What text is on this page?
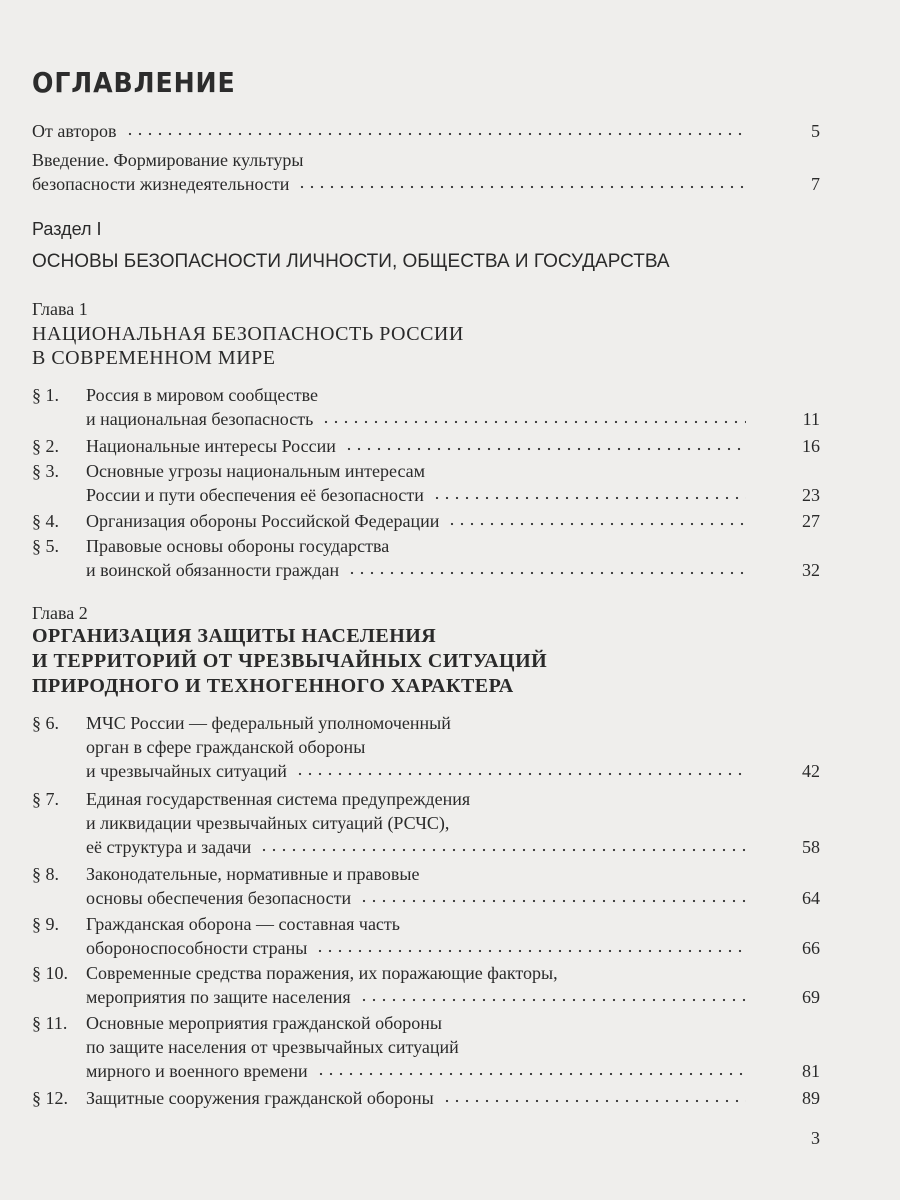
ОГЛАВЛЕНИЕ
От авторов	5
Введение. Формирование культуры
безопасности жизнедеятельности	7
Раздел I
ОСНОВЫ БЕЗОПАСНОСТИ ЛИЧНОСТИ, ОБЩЕСТВА И ГОСУДАРСТВА
Глава 1
НАЦИОНАЛЬНАЯ БЕЗОПАСНОСТЬ РОССИИ
В СОВРЕМЕННОМ МИРЕ
§ 1. Россия в мировом сообществе
и национальная безопасность	11
§ 2. Национальные интересы России	16
§ 3. Основные угрозы национальным интересам
России и пути обеспечения её безопасности	23
§ 4. Организация обороны Российской Федерации	27
§ 5. Правовые основы обороны государства
и воинской обязанности граждан	32
Глава 2
ОРГАНИЗАЦИЯ ЗАЩИТЫ НАСЕЛЕНИЯ
И ТЕРРИТОРИЙ ОТ ЧРЕЗВЫЧАЙНЫХ СИТУАЦИЙ
ПРИРОДНОГО И ТЕХНОГЕННОГО ХАРАКТЕРА
§ 6. МЧС России — федеральный уполномоченный
орган в сфере гражданской обороны
и чрезвычайных ситуаций	42
§ 7. Единая государственная система предупреждения
и ликвидации чрезвычайных ситуаций (РСЧС),
её структура и задачи	58
§ 8. Законодательные, нормативные и правовые
основы обеспечения безопасности	64
§ 9. Гражданская оборона — составная часть
обороноспособности страны	66
§ 10. Современные средства поражения, их поражающие факторы,
мероприятия по защите населения	69
§ 11. Основные мероприятия гражданской обороны
по защите населения от чрезвычайных ситуаций
мирного и военного времени	81
§ 12. Защитные сооружения гражданской обороны	89
3
